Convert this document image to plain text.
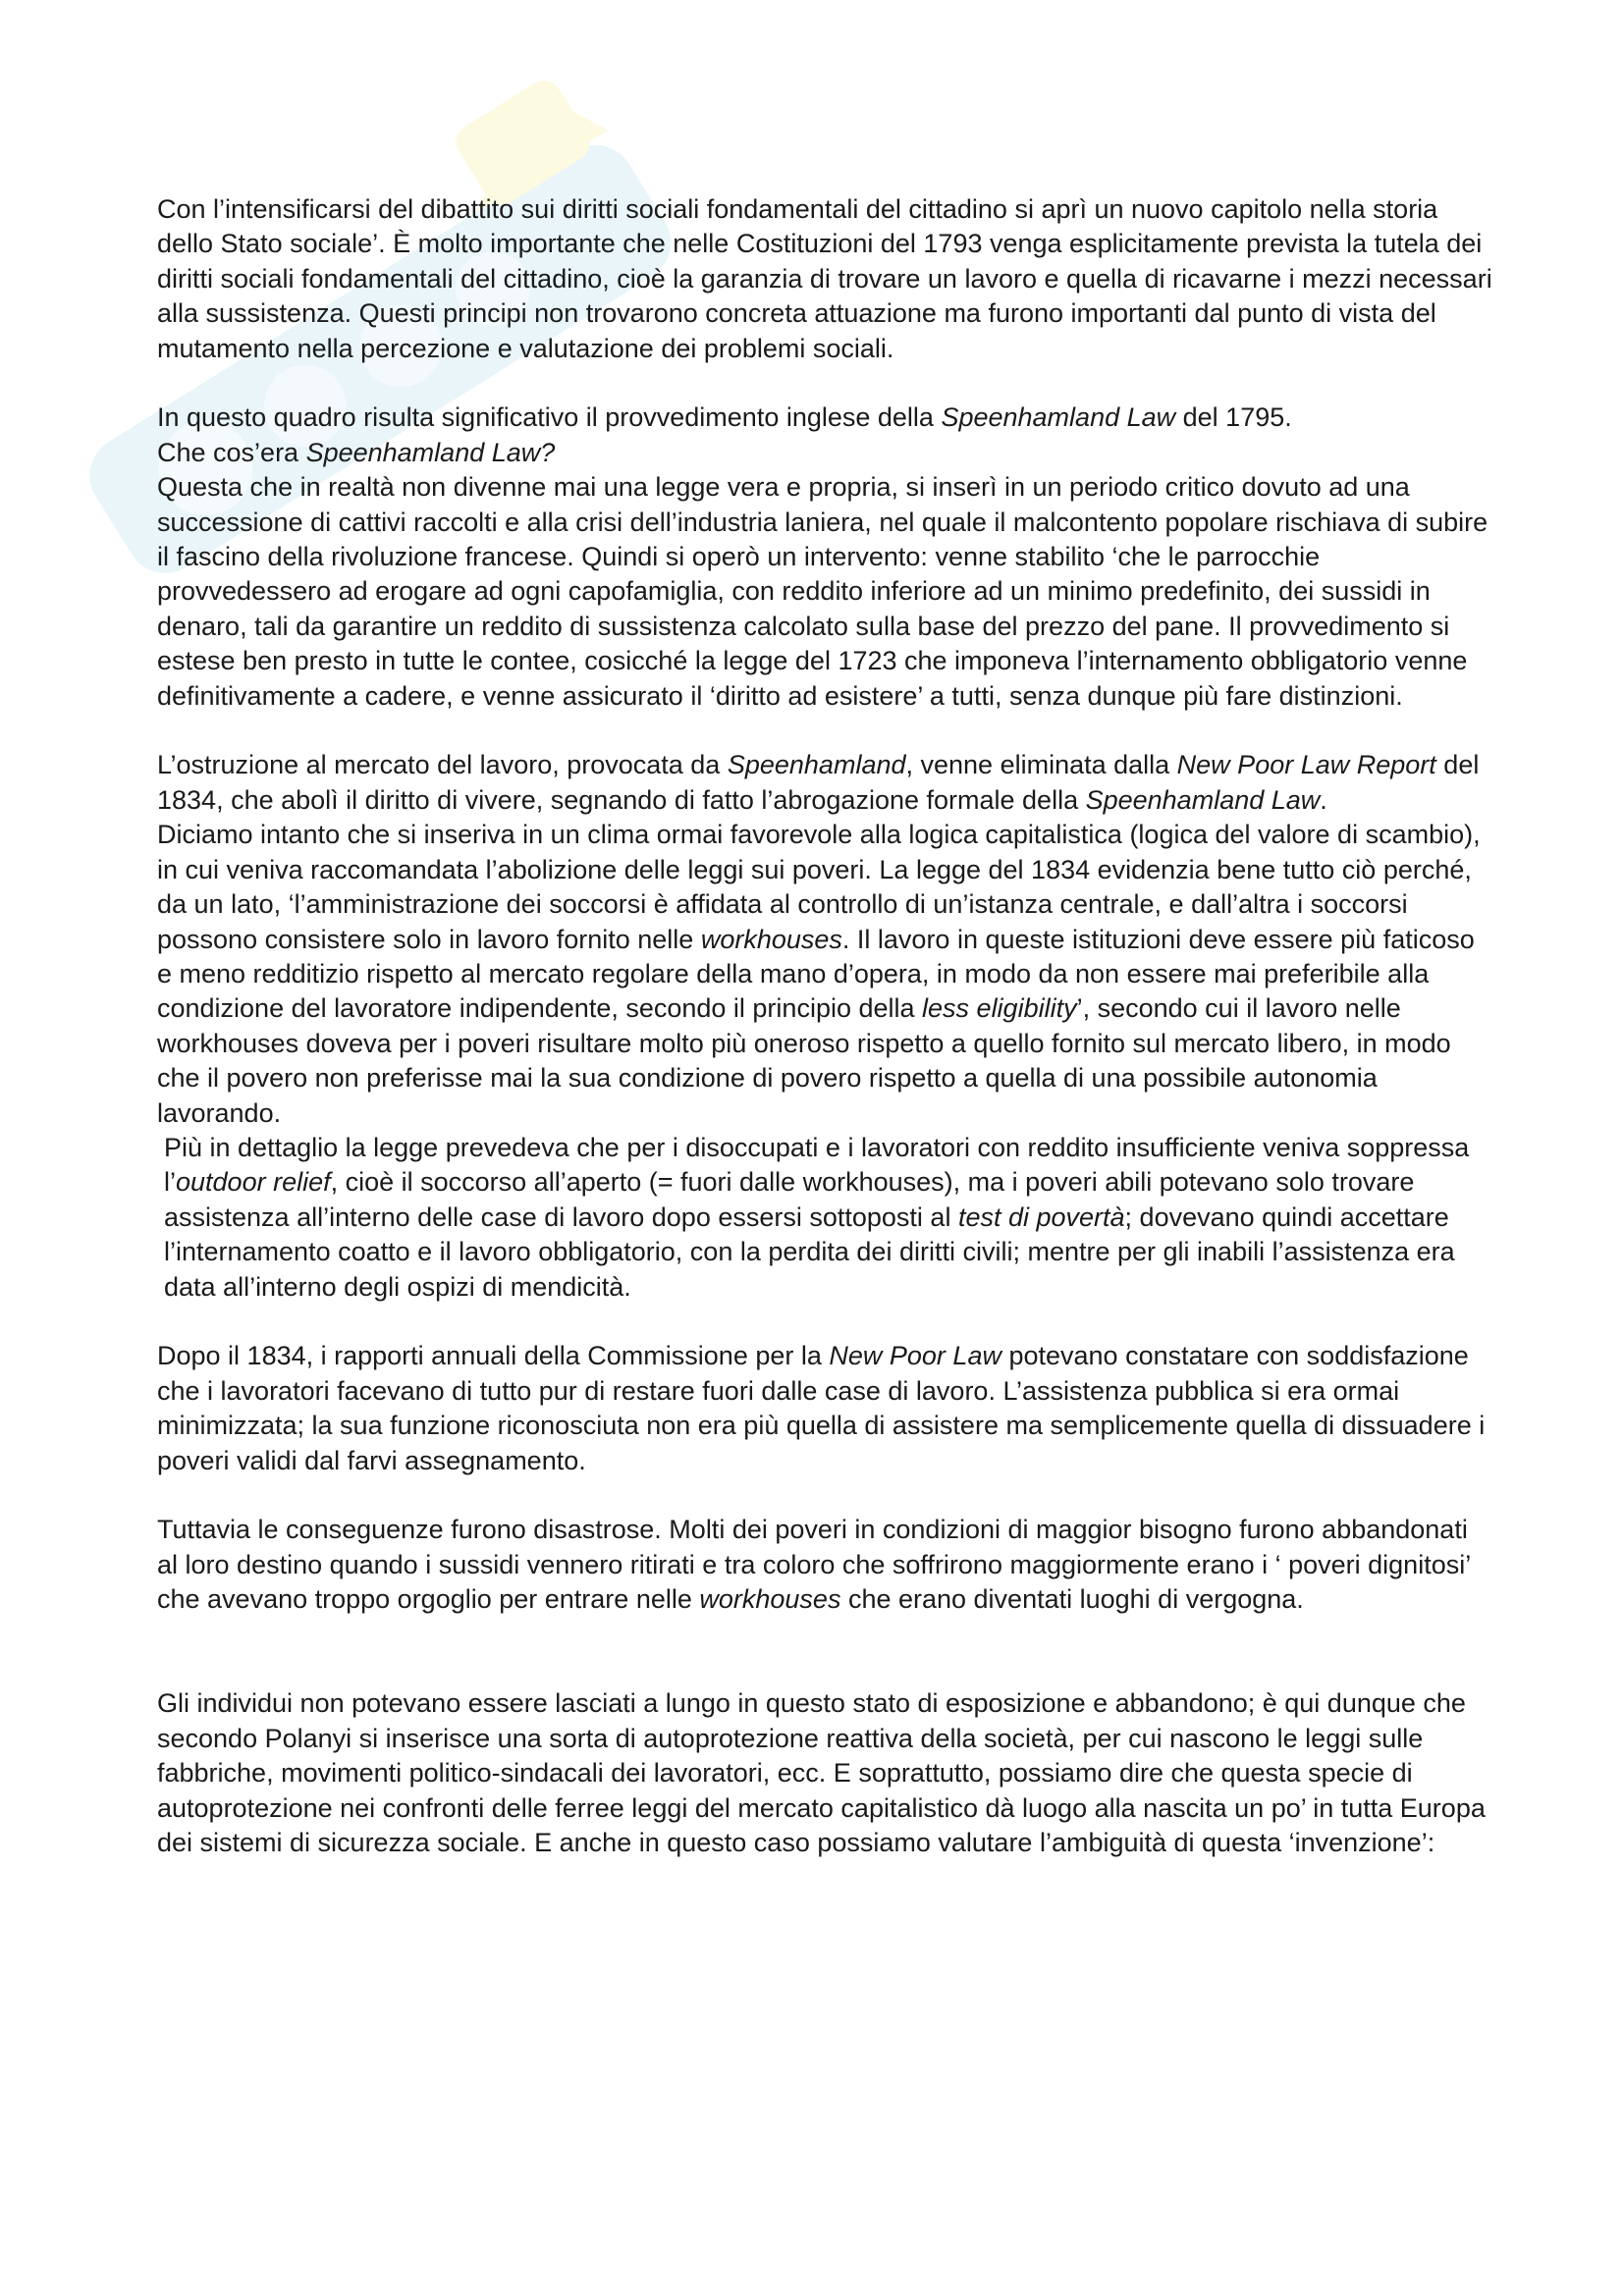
Con l’intensificarsi del dibattito sui diritti sociali fondamentali del cittadino si aprì un nuovo capitolo nella storia dello Stato sociale’. È molto importante che nelle Costituzioni del 1793 venga esplicitamente prevista la tutela dei diritti sociali fondamentali del cittadino, cioè la garanzia di trovare un lavoro e quella di ricavarne i mezzi necessari alla sussistenza. Questi principi non trovarono concreta attuazione ma furono importanti dal punto di vista del mutamento nella percezione e valutazione dei problemi sociali.

In questo quadro risulta significativo il provvedimento inglese della Speenhamland Law del 1795.

Che cos’era Speenhamland Law?

Questa che in realtà non divenne mai una legge vera e propria, si inserì in un periodo critico dovuto ad una successione di cattivi raccolti e alla crisi dell’industria laniera, nel quale il malcontento popolare rischiava di subire il fascino della rivoluzione francese. Quindi si operò un intervento: venne stabilito ‘che le parrocchie provvedessero ad erogare ad ogni capofamiglia, con reddito inferiore ad un minimo predefinito, dei sussidi in denaro, tali da garantire un reddito di sussistenza calcolato sulla base del prezzo del pane. Il provvedimento si estese ben presto in tutte le contee, cosicché la legge del 1723 che imponeva l’internamento obbligatorio venne definitivamente a cadere, e venne assicurato il ‘diritto ad esistere’ a tutti, senza dunque più fare distinzioni.

L’ostruzione al mercato del lavoro, provocata da Speenhamland, venne eliminata dalla New Poor Law Report del 1834, che abolì il diritto di vivere, segnando di fatto l’abrogazione formale della Speenhamland Law.

Diciamo intanto che si inseriva in un clima ormai favorevole alla logica capitalistica (logica del valore di scambio), in cui veniva raccomandata l’abolizione delle leggi sui poveri. La legge del 1834 evidenzia bene tutto ciò perché, da un lato, ‘l’amministrazione dei soccorsi è affidata al controllo di un’istanza centrale, e dall’altra i soccorsi possono consistere solo in lavoro fornito nelle workhouses. Il lavoro in queste istituzioni deve essere più faticoso e meno redditizio rispetto al mercato regolare della mano d’opera, in modo da non essere mai preferibile alla condizione del lavoratore indipendente, secondo il principio della less eligibility’, secondo cui il lavoro nelle workhouses doveva per i poveri risultare molto più oneroso rispetto a quello fornito sul mercato libero, in modo che il povero non preferisse mai la sua condizione di povero rispetto a quella di una possibile autonomia lavorando.

Più in dettaglio la legge prevedeva che per i disoccupati e i lavoratori con reddito insufficiente veniva soppressa l’outdoor relief, cioè il soccorso all’aperto (= fuori dalle workhouses), ma i poveri abili potevano solo trovare assistenza all’interno delle case di lavoro dopo essersi sottoposti al test di povertà; dovevano quindi accettare l’internamento coatto e il lavoro obbligatorio, con la perdita dei diritti civili; mentre per gli inabili l’assistenza era data all’interno degli ospizi di mendicità.

Dopo il 1834, i rapporti annuali della Commissione per la New Poor Law potevano constatare con soddisfazione che i lavoratori facevano di tutto pur di restare fuori dalle case di lavoro. L’assistenza pubblica si era ormai minimizzata; la sua funzione riconosciuta non era più quella di assistere ma semplicemente quella di dissuadere i poveri validi dal farvi assegnamento.

Tuttavia le conseguenze furono disastrose. Molti dei poveri in condizioni di maggior bisogno furono abbandonati al loro destino quando i sussidi vennero ritirati e tra coloro che soffrirono maggiormente erano i ‘ poveri dignitosi’ che avevano troppo orgoglio per entrare nelle workhouses che erano diventati luoghi di vergogna.

Gli individui non potevano essere lasciati a lungo in questo stato di esposizione e abbandono; è qui dunque che secondo Polanyi si inserisce una sorta di autoprotezione reattiva della società, per cui nascono le leggi sulle fabbriche, movimenti politico-sindacali dei lavoratori, ecc. E soprattutto, possiamo dire che questa specie di autoprotezione nei confronti delle ferree leggi del mercato capitalistico dà luogo alla nascita un po’ in tutta Europa dei sistemi di sicurezza sociale. E anche in questo caso possiamo valutare l’ambiguità di questa ‘invenzione’:
